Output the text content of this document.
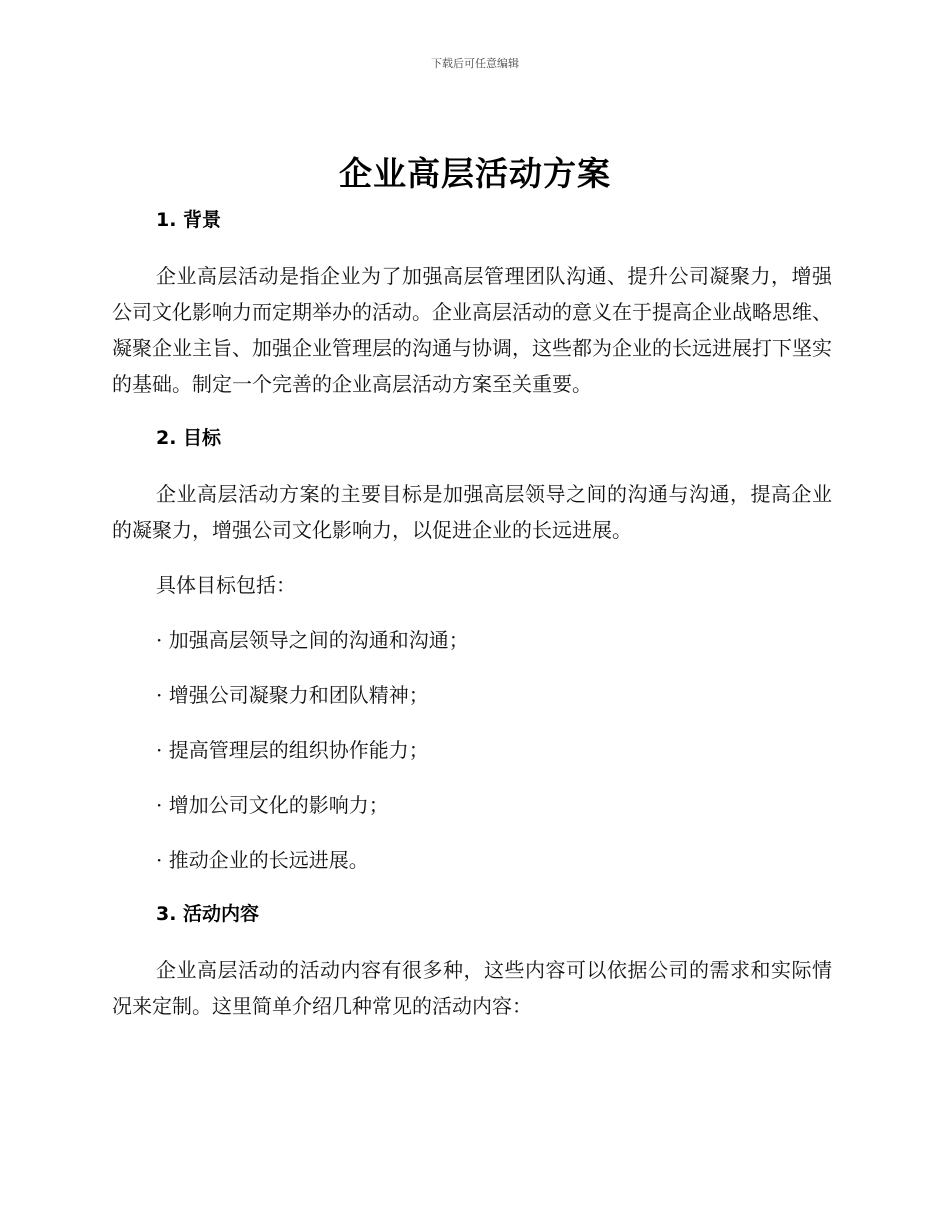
下载后可任意编辑
企业高层活动方案
1. 背景

企业高层活动是指企业为了加强高层管理团队沟通、提升公司凝聚力，增强公司文化影响力而定期举办的活动。企业高层活动的意义在于提高企业战略思维、凝聚企业主旨、加强企业管理层的沟通与协调，这些都为企业的长远进展打下坚实的基础。制定一个完善的企业高层活动方案至关重要。

2. 目标

企业高层活动方案的主要目标是加强高层领导之间的沟通与沟通，提高企业的凝聚力，增强公司文化影响力，以促进企业的长远进展。

具体目标包括：

· 加强高层领导之间的沟通和沟通；

· 增强公司凝聚力和团队精神；

· 提高管理层的组织协作能力；

· 增加公司文化的影响力；

· 推动企业的长远进展。

3. 活动内容

企业高层活动的活动内容有很多种，这些内容可以依据公司的需求和实际情况来定制。这里简单介绍几种常见的活动内容：
